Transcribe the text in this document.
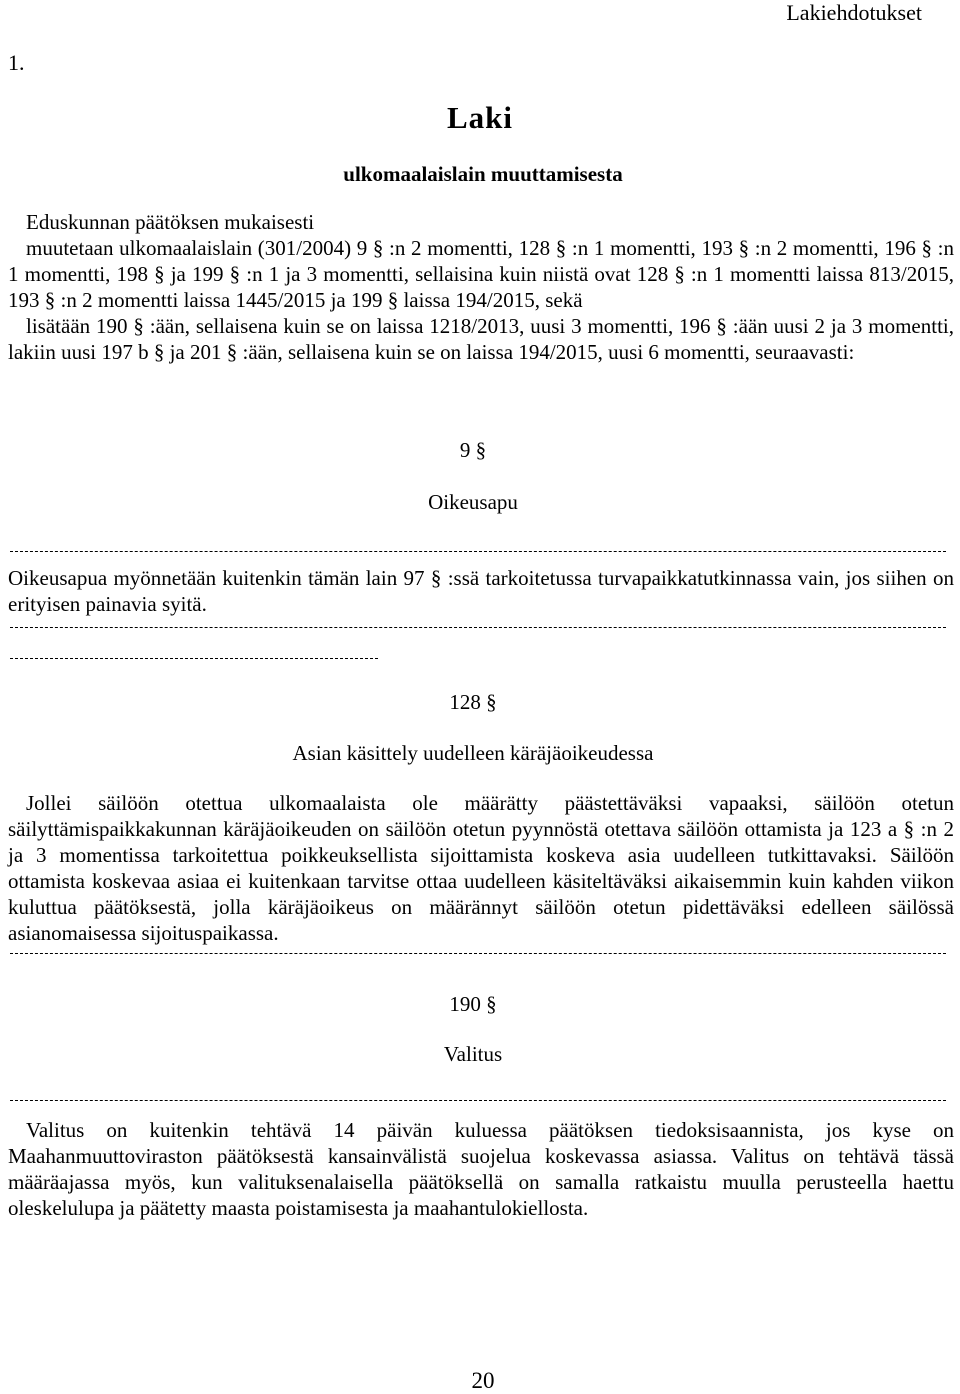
Lakiehdotukset
1.
Laki
ulkomaalaislain muuttamisesta
Eduskunnan päätöksen mukaisesti
muutetaan ulkomaalaislain (301/2004) 9 § :n 2 momentti, 128 § :n 1 momentti, 193 § :n 2 momentti, 196 § :n 1 momentti, 198 § ja 199 § :n 1 ja 3 momentti, sellaisina kuin niistä ovat 128 § :n 1 momentti laissa 813/2015, 193 § :n 2 momentti laissa 1445/2015 ja 199 § laissa 194/2015, sekä
lisätään 190 § :ään, sellaisena kuin se on laissa 1218/2013, uusi 3 momentti, 196 § :ään uusi 2 ja 3 momentti, lakiin uusi 197 b § ja 201 § :ään, sellaisena kuin se on laissa 194/2015, uusi 6 momentti, seuraavasti:
9 §
Oikeusapu
Oikeusapua myönnetään kuitenkin tämän lain 97 § :ssä tarkoitetussa turvapaikkatutkinnassa vain, jos siihen on erityisen painavia syitä.
128 §
Asian käsittely uudelleen käräjäoikeudessa
Jollei säilöön otettua ulkomaalaista ole määrätty päästettäväksi vapaaksi, säilöön otetun säilyttämispaikkakunnan käräjäoikeuden on säilöön otetun pyynnöstä otettava säilöön ottamista ja 123 a § :n 2 ja 3 momentissa tarkoitettua poikkeuksellista sijoittamista koskeva asia uudelleen tutkittavaksi. Säilöön ottamista koskevaa asiaa ei kuitenkaan tarvitse ottaa uudelleen käsiteltäväksi aikaisemmin kuin kahden viikon kuluttua päätöksestä, jolla käräjäoikeus on määrännyt säilöön otetun pidettäväksi edelleen säilössä asianomaisessa sijoituspaikassa.
190 §
Valitus
Valitus on kuitenkin tehtävä 14 päivän kuluessa päätöksen tiedoksisaannista, jos kyse on Maahanmuuttoviraston päätöksestä kansainvälistä suojelua koskevassa asiassa. Valitus on tehtävä tässä määräajassa myös, kun valituksenalaisella päätöksellä on samalla ratkaistu muulla perusteella haettu oleskelulupa ja päätetty maasta poistamisesta ja maahantulokiellosta.
20
